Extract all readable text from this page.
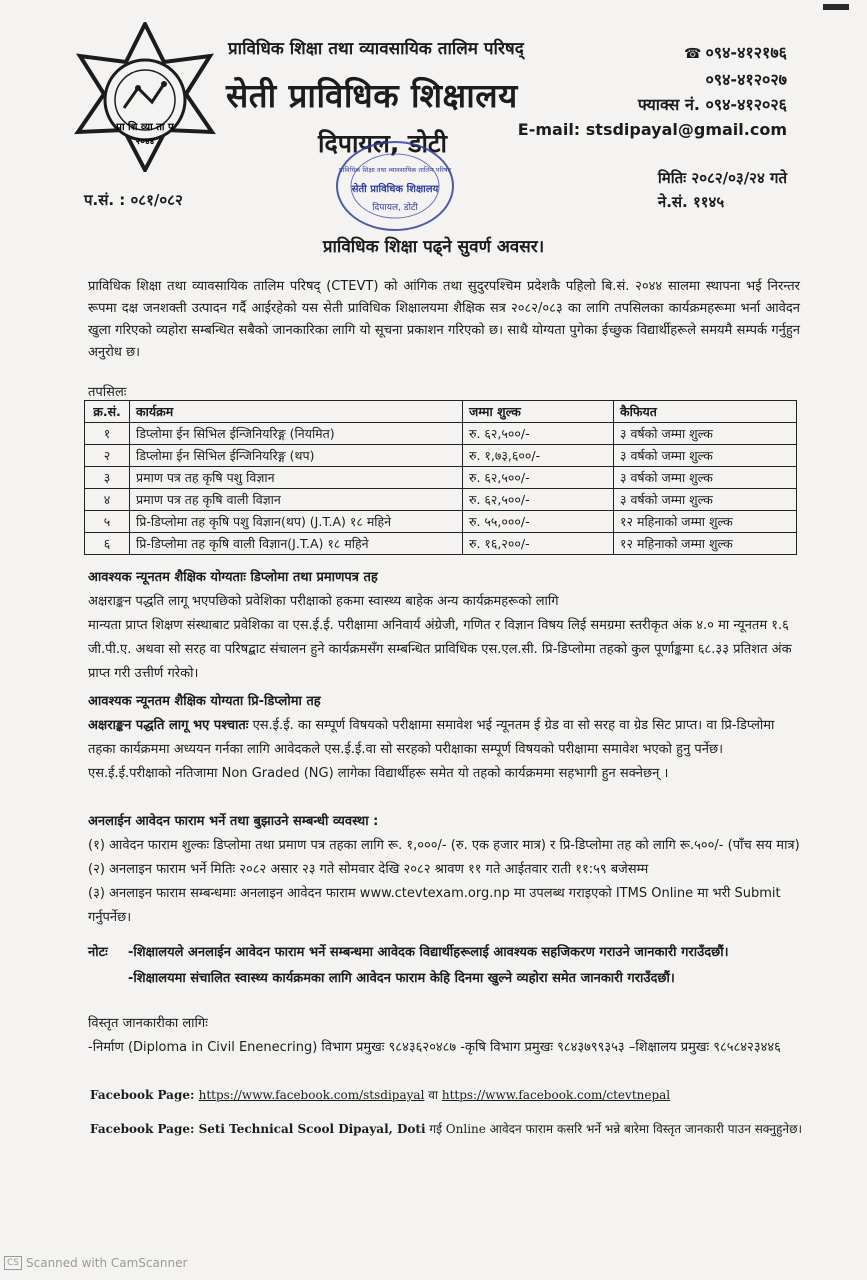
प्रा शि व्या ता प
२०४४
प्राविधिक शिक्षा तथा व्यावसायिक तालिम परिषद्
सेती प्राविधिक शिक्षालय
दिपायल, डोटी
प्राविधिक शिक्षा तथा व्यावसायिक तालिम परिषद्
सेती प्राविधिक शिक्षालय
दिपायल, डोटी
☎ ०९४-४१२१७६
०९४-४१२०२७
फ्याक्स नं. ०९४-४१२०२६
E-mail: stsdipayal@gmail.com
मितिः २०८२/०३/२४ गते
ने.सं. ११४५
प.सं. : ०८१/०८२
प्राविधिक शिक्षा पढ्ने सुवर्ण अवसर।
प्राविधिक शिक्षा तथा व्यावसायिक तालिम परिषद् (CTEVT) को आंगिक तथा सुदुरपश्चिम प्रदेशकै पहिलो बि.सं. २०४४ सालमा स्थापना भई निरन्तर रूपमा दक्ष जनशक्ती उत्पादन गर्दै आईरहेको यस सेती प्राविधिक शिक्षालयमा शैक्षिक सत्र २०८२/०८३ का लागि तपसिलका कार्यक्रमहरूमा भर्ना आवेदन खुला गरिएको व्यहोरा सम्बन्धित सबैको जानकारिका लागि यो सूचना प्रकाशन गरिएको छ। साथै योग्यता पुगेका ईच्छुक विद्यार्थीहरूले समयमै सम्पर्क गर्नुहुन अनुरोध छ।
तपसिलः
क्र.सं.	कार्यक्रम	जम्मा शुल्क	कैफियत
१	डिप्लोमा ईन सिभिल ईन्जिनियरिङ्ग (नियमित)	रु. ६२,५००/-	३ वर्षको जम्मा शुल्क
२	डिप्लोमा ईन सिभिल ईन्जिनियरिङ्ग (थप)	रु. १,७३,६००/-	३ वर्षको जम्मा शुल्क
३	प्रमाण पत्र तह कृषि पशु विज्ञान	रु. ६२,५००/-	३ वर्षको जम्मा शुल्क
४	प्रमाण पत्र तह कृषि वाली विज्ञान	रु. ६२,५००/-	३ वर्षको जम्मा शुल्क
५	प्रि-डिप्लोमा तह कृषि पशु विज्ञान(थप) (J.T.A) १८ महिने	रु. ५५,०००/-	१२ महिनाको जम्मा शुल्क
६	प्रि-डिप्लोमा तह कृषि वाली विज्ञान(J.T.A) १८ महिने	रु. १६,२००/-	१२ महिनाको जम्मा शुल्क
आवश्यक न्यूनतम शैक्षिक योग्यताः डिप्लोमा तथा प्रमाणपत्र तह
अक्षराङ्कन पद्धति लागू भएपछिको प्रवेशिका परीक्षाको हकमा स्वास्थ्य बाहेक अन्य कार्यक्रमहरूको लागि
मान्यता प्राप्त शिक्षण संस्थाबाट प्रवेशिका वा एस.ई.ई. परीक्षामा अनिवार्य अंग्रेजी, गणित र विज्ञान विषय लिई समग्रमा स्तरीकृत अंक ४.० मा न्यूनतम १.६ जी.पी.ए. अथवा सो सरह वा परिषद्बाट संचालन हुने कार्यक्रमसँग सम्बन्धित प्राविधिक एस.एल.सी. प्रि-डिप्लोमा तहको कुल पूर्णाङ्कमा ६८.३३ प्रतिशत अंक प्राप्त गरी उत्तीर्ण गरेको।
आवश्यक न्यूनतम शैक्षिक योग्यता प्रि-डिप्लोमा तह
अक्षराङ्कन पद्धति लागू भए पश्चातः एस.ई.ई. का सम्पूर्ण विषयको परीक्षामा समावेश भई न्यूनतम ई ग्रेड वा सो सरह वा ग्रेड सिट प्राप्त। वा प्रि-डिप्लोमा तहका कार्यक्रममा अध्ययन गर्नका लागि आवेदकले एस.ई.ई.वा सो सरहको परीक्षाका सम्पूर्ण विषयको परीक्षामा समावेश भएको हुनु पर्नेछ। एस.ई.ई.परीक्षाको नतिजामा Non Graded (NG) लागेका विद्यार्थीहरू समेत यो तहको कार्यक्रममा सहभागी हुन सक्नेछन् ।
अनलाईन आवेदन फाराम भर्ने तथा बुझाउने सम्बन्धी व्यवस्था :
(१) आवेदन फाराम शुल्कः डिप्लोमा तथा प्रमाण पत्र तहका लागि रू. १,०००/- (रु. एक हजार मात्र) र प्रि-डिप्लोमा तह को लागि रू.५००/- (पाँच सय मात्र)
(२) अनलाइन फाराम भर्ने मितिः २०८२ असार २३ गते सोमवार देखि २०८२ श्रावण ११ गते आईतवार राती ११:५९ बजेसम्म
(३) अनलाइन फाराम सम्बन्धमाः अनलाइन आवेदन फाराम www.ctevtexam.org.np मा उपलब्ध गराइएको ITMS Online मा भरी Submit गर्नुपर्नेछ।
नोटः	-शिक्षालयले अनलाईन आवेदन फाराम भर्ने सम्बन्धमा आवेदक विद्यार्थीहरूलाई आवश्यक सहजिकरण गराउने जानकारी गराउँदछौं।
-शिक्षालयमा संचालित स्वास्थ्य कार्यक्रमका लागि आवेदन फाराम केहि दिनमा खुल्ने व्यहोरा समेत जानकारी गराउँदछौं।
विस्तृत जानकारीका लागिः
-निर्माण (Diploma in Civil Enenecring) विभाग प्रमुखः ९८४३६२०४८७ -कृषि विभाग प्रमुखः ९८४३७९९३५३ –शिक्षालय प्रमुखः ९८५८४२३४४६
Facebook Page: https://www.facebook.com/stsdipayal वा https://www.facebook.com/ctevtnepal
Facebook Page: Seti Technical Scool Dipayal, Doti गई Online आवेदन फाराम कसरि भर्ने भन्ने बारेमा विस्तृत जानकारी पाउन सक्नुहुनेछ।
CS Scanned with CamScanner
